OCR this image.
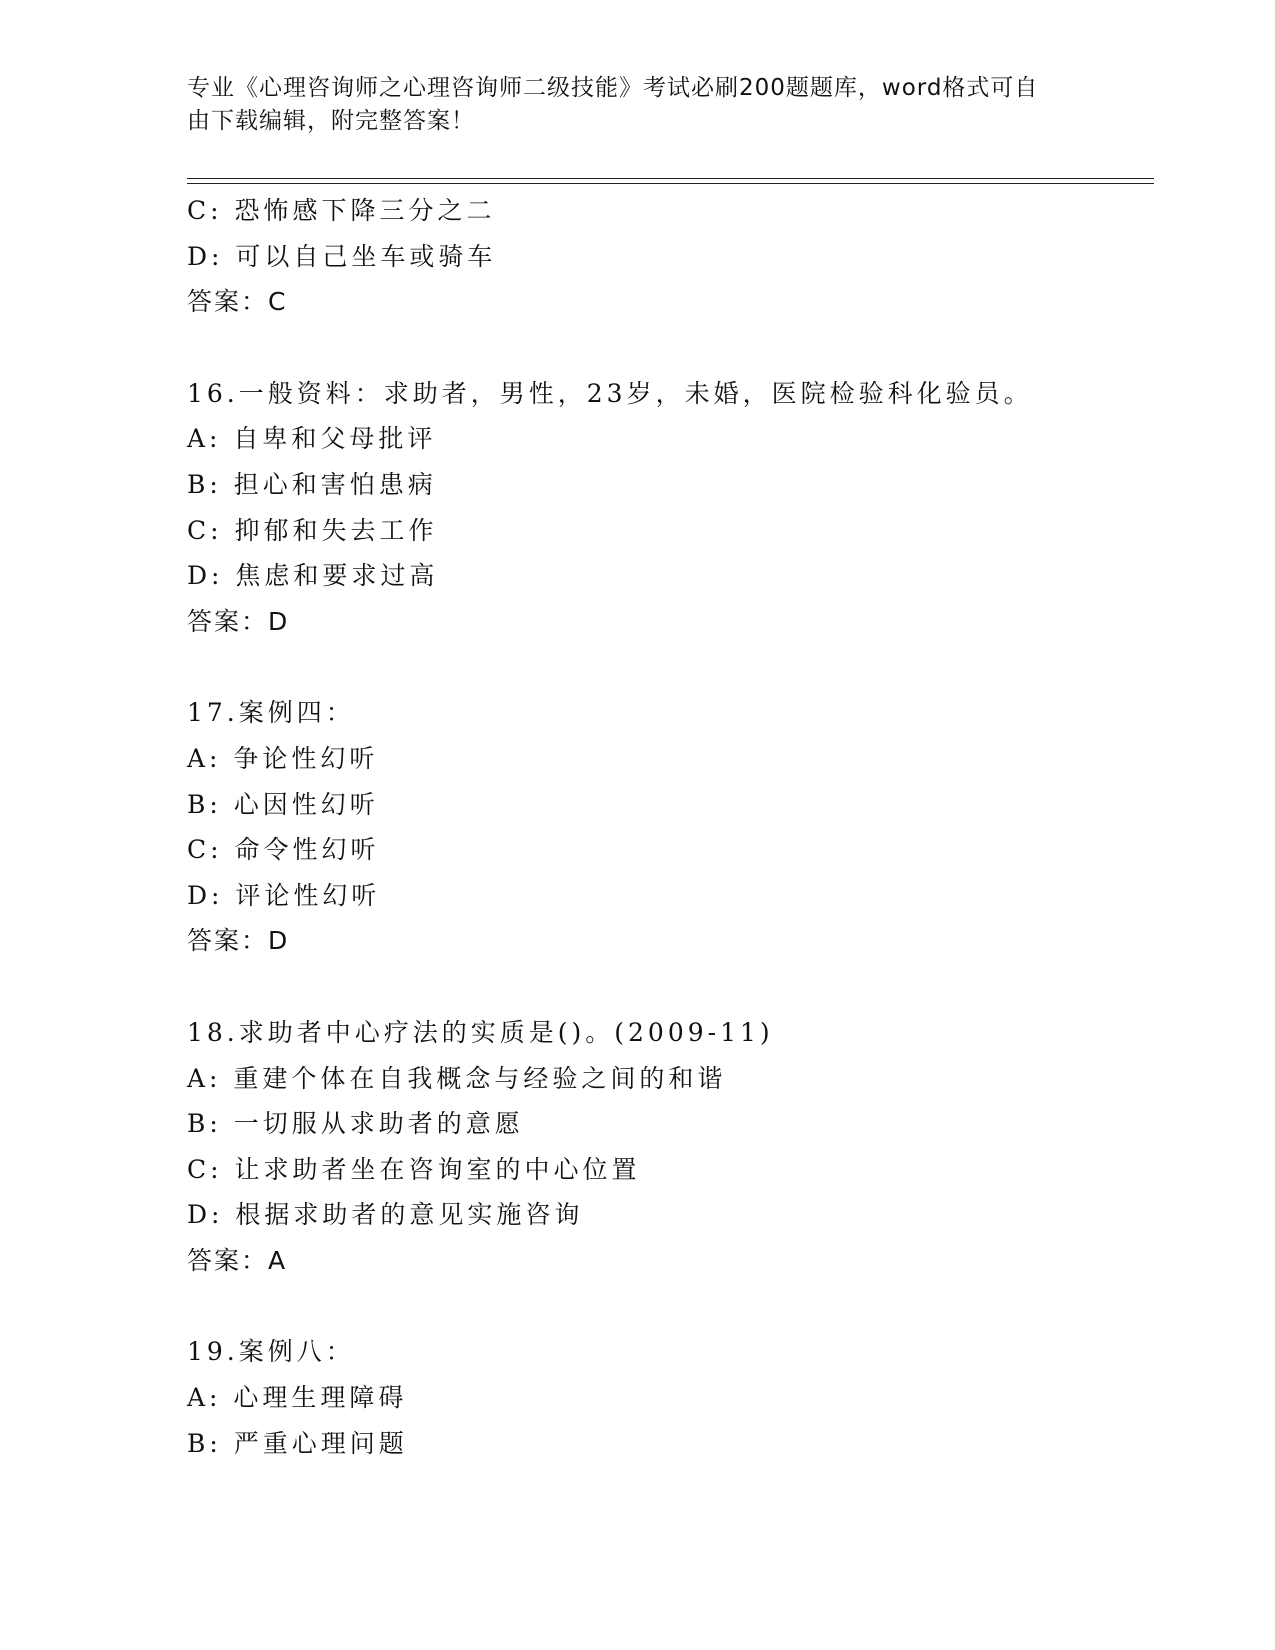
专业《心理咨询师之心理咨询师二级技能》考试必刷200题题库，word格式可自
由下载编辑，附完整答案！
C: 恐怖感下降三分之二
D: 可以自己坐车或骑车
答案：C
16.一般资料：求助者，男性，23岁，未婚，医院检验科化验员。
A: 自卑和父母批评
B: 担心和害怕患病
C: 抑郁和失去工作
D: 焦虑和要求过高
答案：D
17.案例四：
A: 争论性幻听
B: 心因性幻听
C: 命令性幻听
D: 评论性幻听
答案：D
18.求助者中心疗法的实质是()。(2009-11)
A: 重建个体在自我概念与经验之间的和谐
B: 一切服从求助者的意愿
C: 让求助者坐在咨询室的中心位置
D: 根据求助者的意见实施咨询
答案：A
19.案例八：
A: 心理生理障碍
B: 严重心理问题
